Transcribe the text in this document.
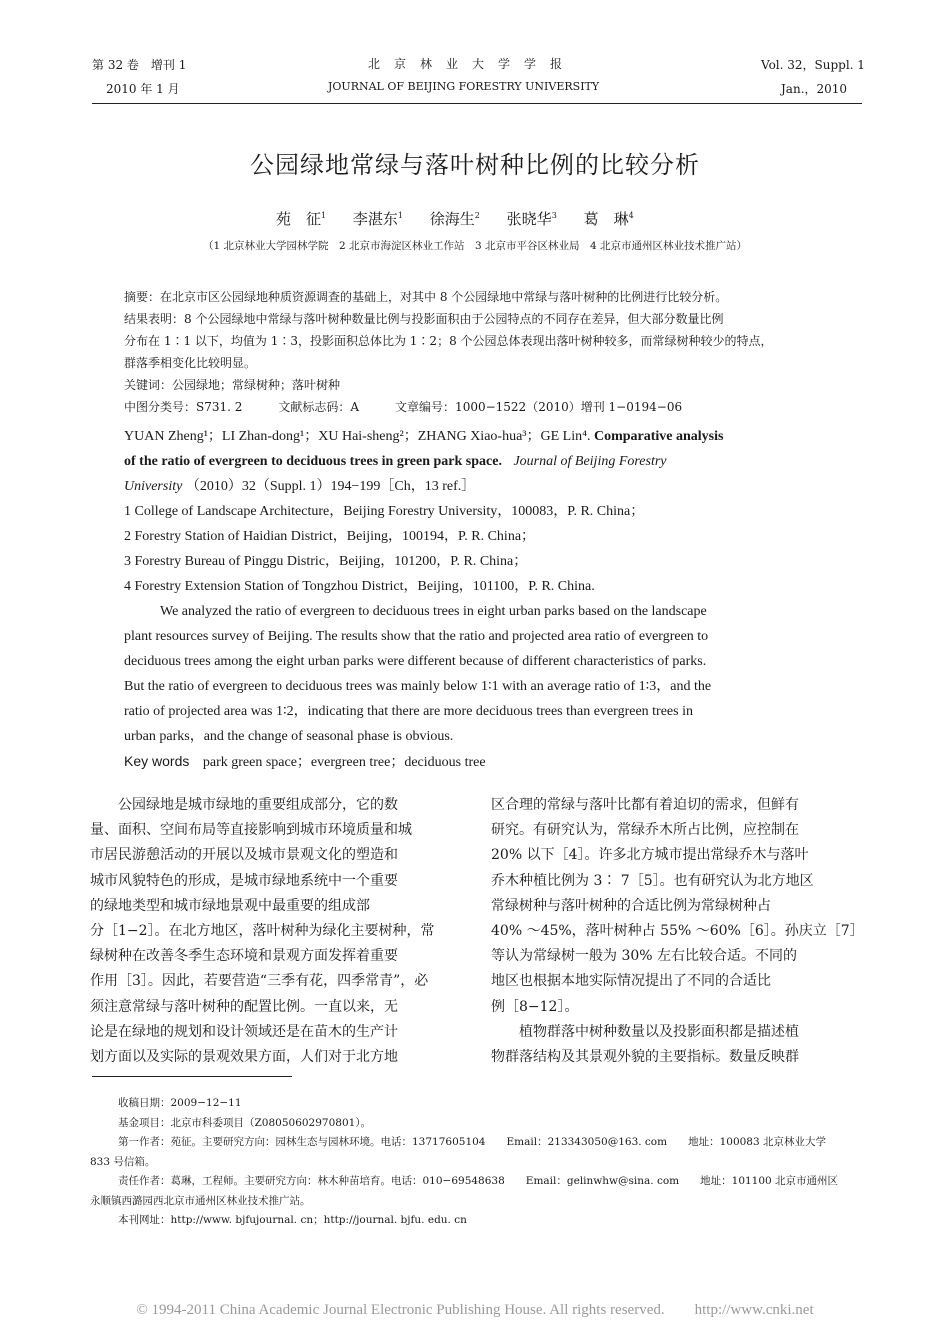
第 32 卷　增刊 1
2010 年 1 月
北　京　林　业　大　学　学　报
JOURNAL OF BEIJING FORESTRY UNIVERSITY
Vol. 32，Suppl. 1
Jan.，2010
公园绿地常绿与落叶树种比例的比较分析
苑　征$^1$ 李湛东$^1$ 徐海生$^2$ 张晓华$^3$ 葛　琳$^4$
（1 北京林业大学园林学院　2 北京市海淀区林业工作站　3 北京市平谷区林业局　4 北京市通州区林业技术推广站）
摘要：在北京市区公园绿地种质资源调查的基础上，对其中 8 个公园绿地中常绿与落叶树种的比例进行比较分析。
结果表明：8 个公园绿地中常绿与落叶树种数量比例与投影面积由于公园特点的不同存在差异，但大部分数量比例
分布在 1∶1 以下，均值为 1∶3，投影面积总体比为 1∶2；8 个公园总体表现出落叶树种较多，而常绿树种较少的特点，
群落季相变化比较明显。
关键词：公园绿地；常绿树种；落叶树种
中图分类号：S731. 2　　　文献标志码：A　　　文章编号：1000−1522（2010）增刊 1−0194−06
YUAN Zheng¹；LI Zhan-dong¹；XU Hai-sheng²；ZHANG Xiao-hua³；GE Lin⁴. Comparative analysis
of the ratio of evergreen to deciduous trees in green park space. Journal of Beijing Forestry
University （2010）32（Suppl. 1）194−199［Ch，13 ref.］
1 College of Landscape Architecture，Beijing Forestry University，100083，P. R. China；
2 Forestry Station of Haidian District，Beijing，100194，P. R. China；
3 Forestry Bureau of Pinggu Distric，Beijing，101200，P. R. China；
4 Forestry Extension Station of Tongzhou District，Beijing，101100，P. R. China.
We analyzed the ratio of evergreen to deciduous trees in eight urban parks based on the landscape
plant resources survey of Beijing. The results show that the ratio and projected area ratio of evergreen to
deciduous trees among the eight urban parks were different because of different characteristics of parks.
But the ratio of evergreen to deciduous trees was mainly below 1∶1 with an average ratio of 1∶3，and the
ratio of projected area was 1∶2，indicating that there are more deciduous trees than evergreen trees in
urban parks，and the change of seasonal phase is obvious.
Key words park green space；evergreen tree；deciduous tree
　　公园绿地是城市绿地的重要组成部分，它的数
量、面积、空间布局等直接影响到城市环境质量和城
市居民游憩活动的开展以及城市景观文化的塑造和
城市风貌特色的形成，是城市绿地系统中一个重要
的绿地类型和城市绿地景观中最重要的组成部
分［1−2］。在北方地区，落叶树种为绿化主要树种，常
绿树种在改善冬季生态环境和景观方面发挥着重要
作用［3］。因此，若要营造“三季有花，四季常青”，必
须注意常绿与落叶树种的配置比例。一直以来，无
论是在绿地的规划和设计领域还是在苗木的生产计
划方面以及实际的景观效果方面，人们对于北方地
区合理的常绿与落叶比都有着迫切的需求，但鲜有
研究。有研究认为，常绿乔木所占比例，应控制在
20% 以下［4］。许多北方城市提出常绿乔木与落叶
乔木种植比例为 3∶ 7［5］。也有研究认为北方地区
常绿树种与落叶树种的合适比例为常绿树种占
40% ～45%，落叶树种占 55% ～60%［6］。孙庆立［7］
等认为常绿树一般为 30% 左右比较合适。不同的
地区也根据本地实际情况提出了不同的合适比
例［8−12］。
　　植物群落中树种数量以及投影面积都是描述植
物群落结构及其景观外貌的主要指标。数量反映群
收稿日期：2009−12−11
基金项目：北京市科委项目（Z08050602970801）。
第一作者：苑征。主要研究方向：园林生态与园林环境。电话：13717605104　　Email：213343050@163. com　　地址：100083 北京林业大学
833 号信箱。
责任作者：葛琳，工程师。主要研究方向：林木种苗培育。电话：010−69548638　　Email：gelinwhw@sina. com　　地址：101100 北京市通州区
永顺镇西潞园西北京市通州区林业技术推广站。
本刊网址：http://www. bjfujournal. cn；http://journal. bjfu. edu. cn
© 1994-2011 China Academic Journal Electronic Publishing House. All rights reserved.　　http://www.cnki.net
